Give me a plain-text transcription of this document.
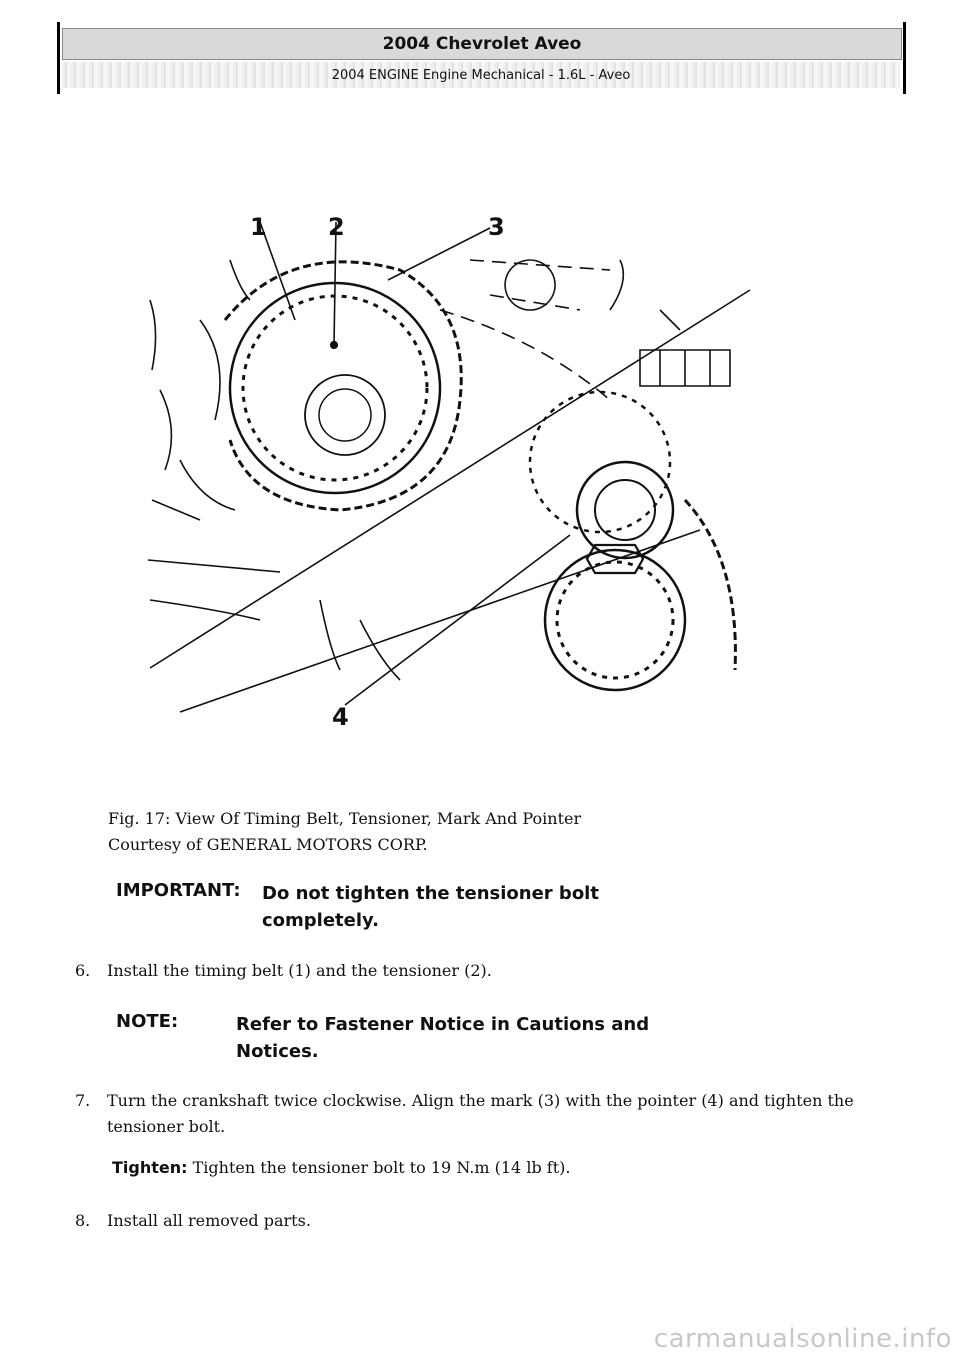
2004 Chevrolet Aveo
2004 ENGINE Engine Mechanical - 1.6L - Aveo
1	2	3
4
Fig. 17: View Of Timing Belt, Tensioner, Mark And Pointer
Courtesy of GENERAL MOTORS CORP.
IMPORTANT: Do not tighten the tensioner bolt completely.
6. Install the timing belt (1) and the tensioner (2).
NOTE:	Refer to Fastener Notice in Cautions and Notices.
7. Turn the crankshaft twice clockwise. Align the mark (3) with the pointer (4) and tighten the tensioner bolt.
Tighten: Tighten the tensioner bolt to 19 N.m (14 lb ft).
8. Install all removed parts.
carmanualsonline.info
